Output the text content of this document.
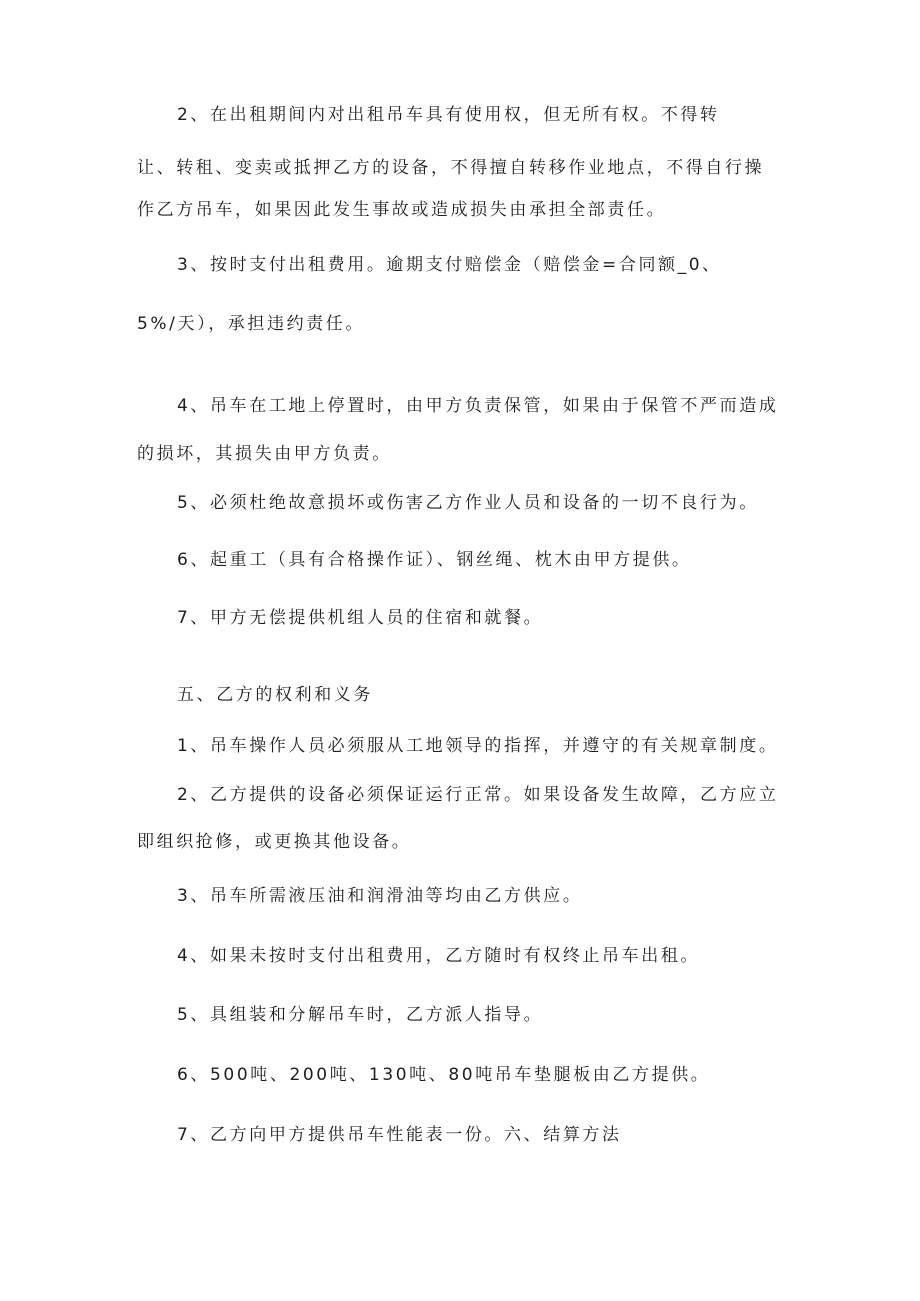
2、在出租期间内对出租吊车具有使用权，但无所有权。不得转
让、转租、变卖或抵押乙方的设备，不得擅自转移作业地点，不得自行操
作乙方吊车，如果因此发生事故或造成损失由承担全部责任。
3、按时支付出租费用。逾期支付赔偿金（赔偿金=合同额_0、
5%/天），承担违约责任。
4、吊车在工地上停置时，由甲方负责保管，如果由于保管不严而造成
的损坏，其损失由甲方负责。
5、必须杜绝故意损坏或伤害乙方作业人员和设备的一切不良行为。
6、起重工（具有合格操作证）、钢丝绳、枕木由甲方提供。
7、甲方无偿提供机组人员的住宿和就餐。
五、乙方的权利和义务
1、吊车操作人员必须服从工地领导的指挥，并遵守的有关规章制度。
2、乙方提供的设备必须保证运行正常。如果设备发生故障，乙方应立
即组织抢修，或更换其他设备。
3、吊车所需液压油和润滑油等均由乙方供应。
4、如果未按时支付出租费用，乙方随时有权终止吊车出租。
5、具组装和分解吊车时，乙方派人指导。
6、500吨、200吨、130吨、80吨吊车垫腿板由乙方提供。
7、乙方向甲方提供吊车性能表一份。六、结算方法
